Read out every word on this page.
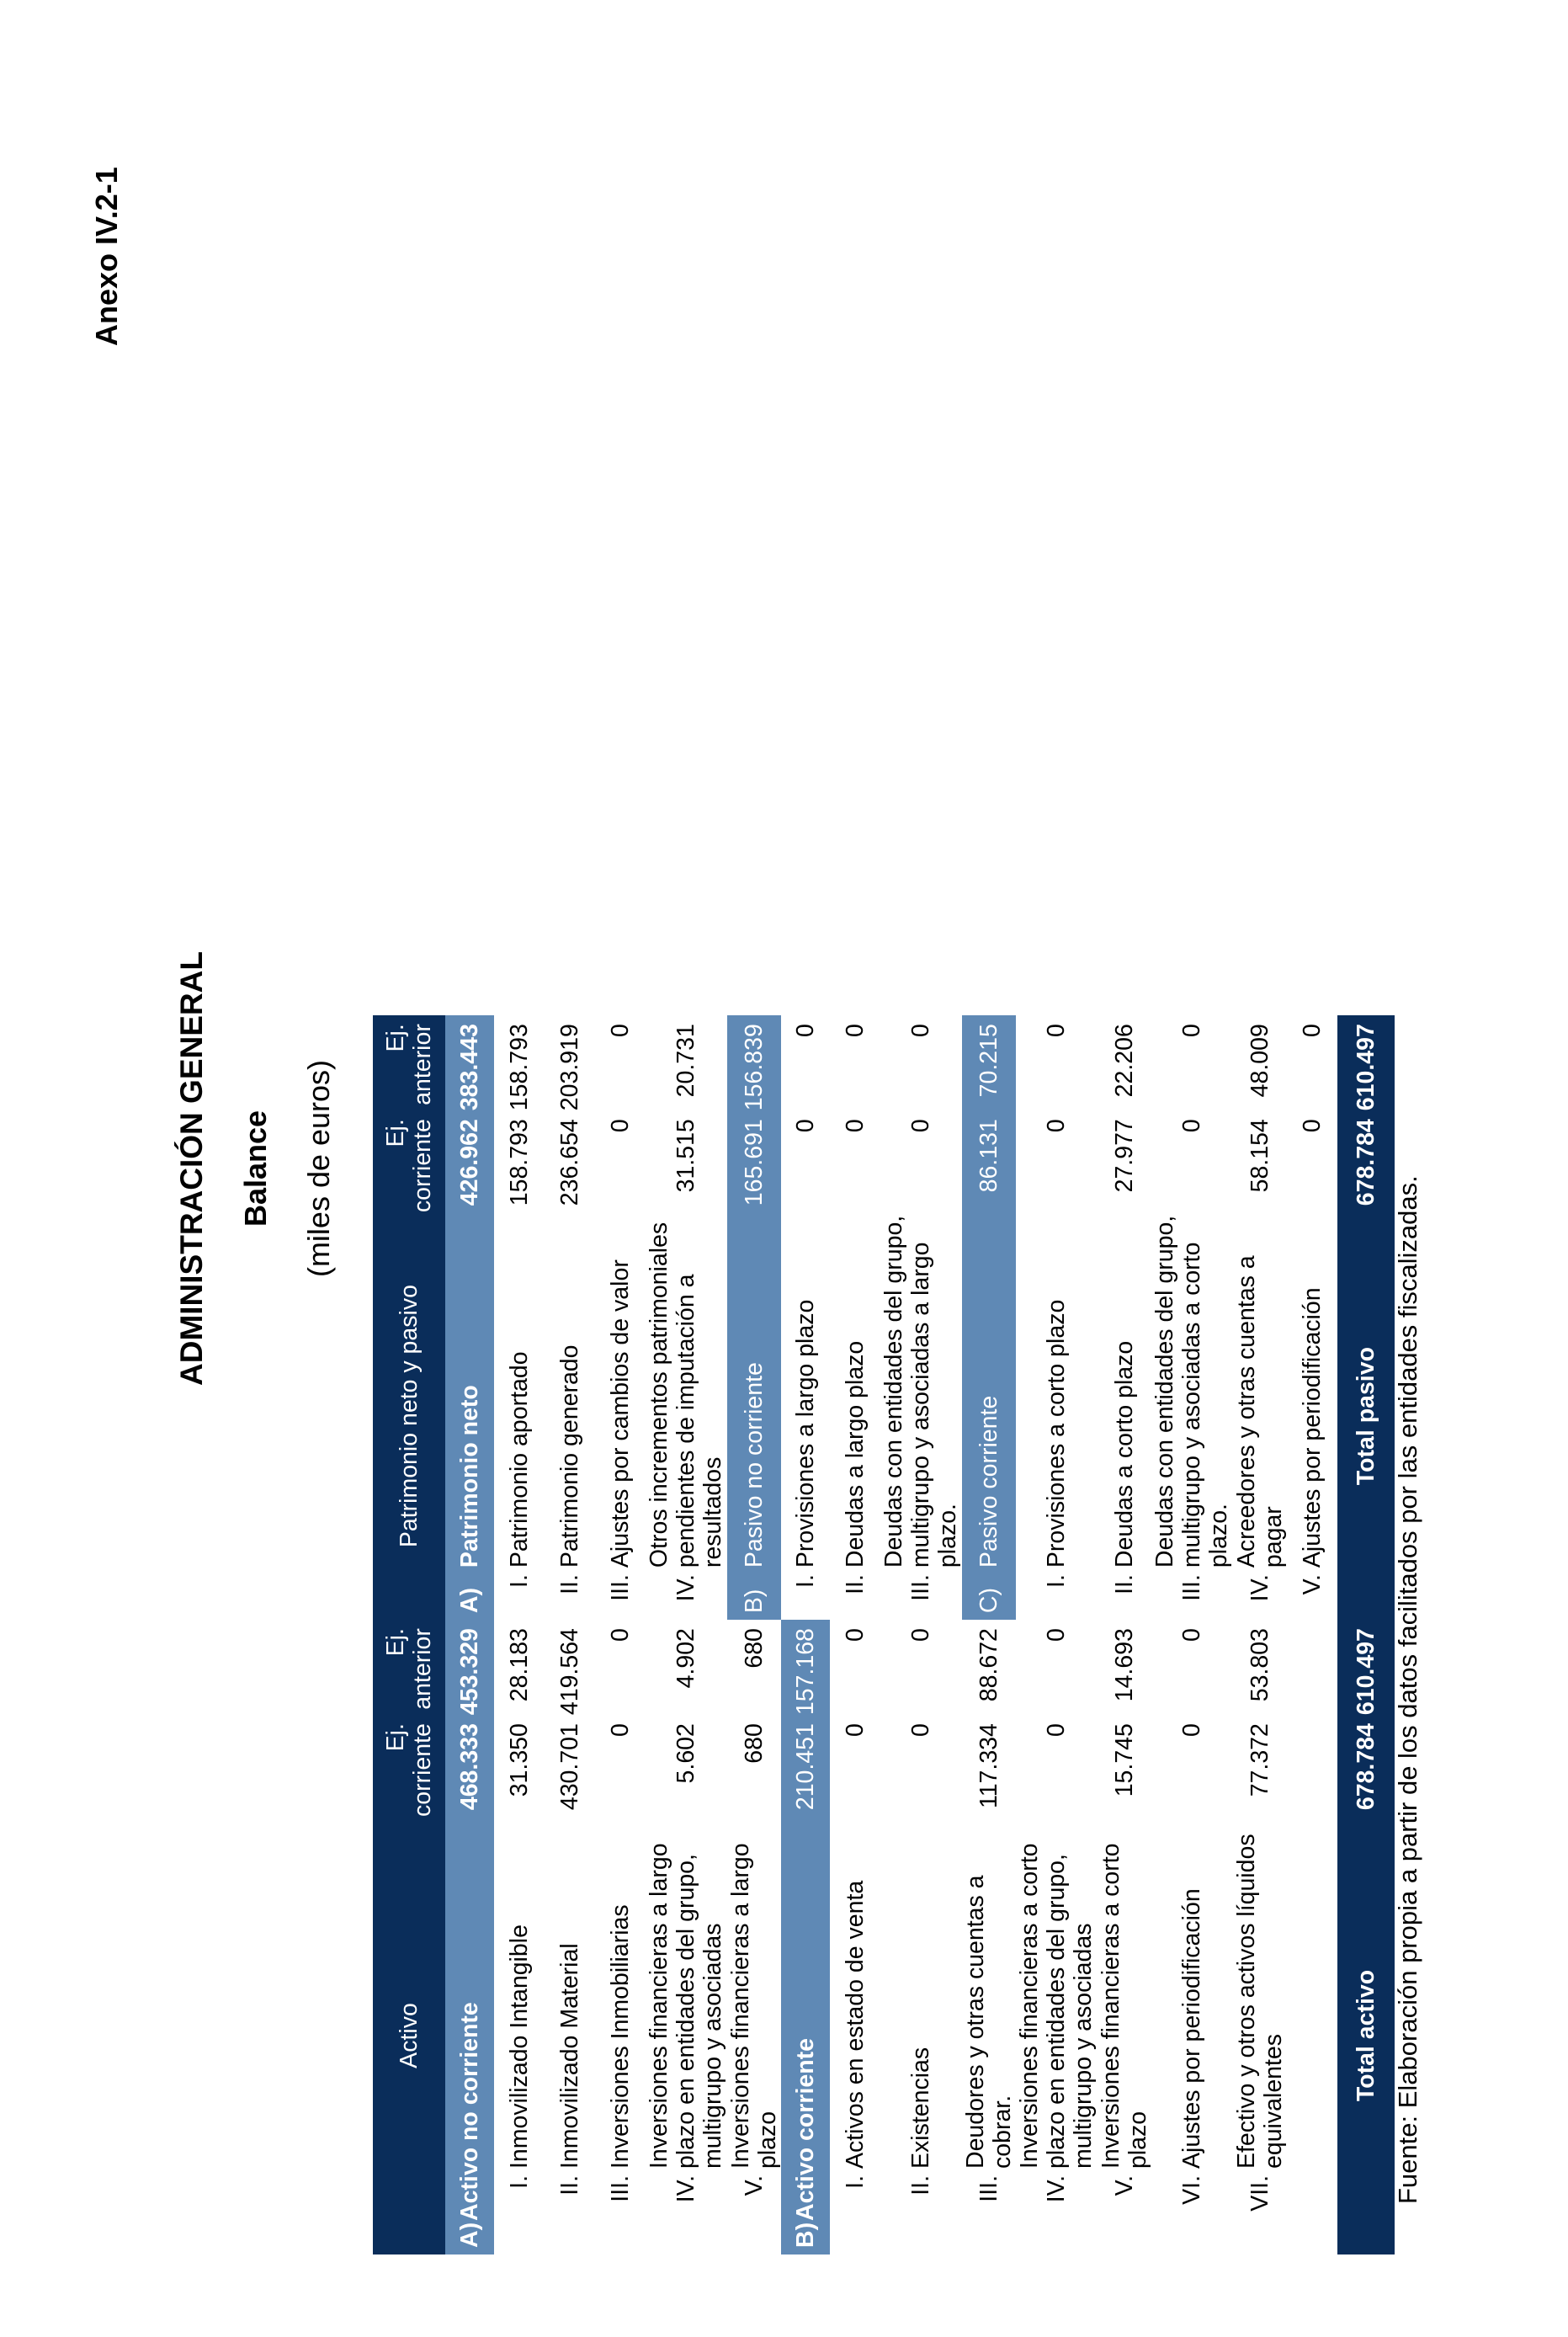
Anexo IV.2-1
ADMINISTRACIÓN GENERAL Balance (miles de euros)
Activo			Ej. corriente	Ej. anterior	Patrimonio neto y pasivo		Ej. corriente	Ej. anterior
A)	Activo no corriente		468.333	453.329	A)	Patrimonio neto	426.962	383.443
	I.	Inmovilizado Intangible	31.350	28.183	I.	Patrimonio aportado	158.793	158.793
	II.	Inmovilizado Material	430.701	419.564	II.	Patrimonio generado	236.654	203.919
	III.	Inversiones Inmobiliarias	0	0	III.	Ajustes por cambios de valor	0	0
	IV.	Inversiones financieras a largo plazo en entidades del grupo, multigrupo y asociadas	5.602	4.902	IV.	Otros incrementos patrimoniales pendientes de imputación a resultados	31.515	20.731
	V.	Inversiones financieras a largo plazo	680	680	B)	Pasivo no corriente	165.691	156.839
B)	Activo corriente		210.451	157.168	I.	Provisiones a largo plazo	0	0
	I.	Activos en estado de venta	0	0	II.	Deudas a largo plazo	0	0
	II.	Existencias	0	0	III.	Deudas con entidades del grupo, multigrupo y asociadas a largo plazo.	0	0
	III.	Deudores y otras cuentas a cobrar.	117.334	88.672	C)	Pasivo corriente	86.131	70.215
	IV.	Inversiones financieras a corto plazo en entidades del grupo, multigrupo y asociadas	0	0	I.	Provisiones a corto plazo	0	0
	V.	Inversiones financieras a corto plazo	15.745	14.693	II.	Deudas a corto plazo	27.977	22.206
	VI.	Ajustes por periodificación	0	0	III.	Deudas con entidades del grupo, multigrupo y asociadas a corto plazo.	0	0
	VII.	Efectivo y otros activos líquidos equivalentes	77.372	53.803	IV.	Acreedores y otras cuentas a pagar	58.154	48.009
					V.	Ajustes por periodificación	0	0
Total activo			678.784	610.497	Total pasivo		678.784	610.497
Fuente: Elaboración propia a partir de los datos facilitados por las entidades fiscalizadas.
